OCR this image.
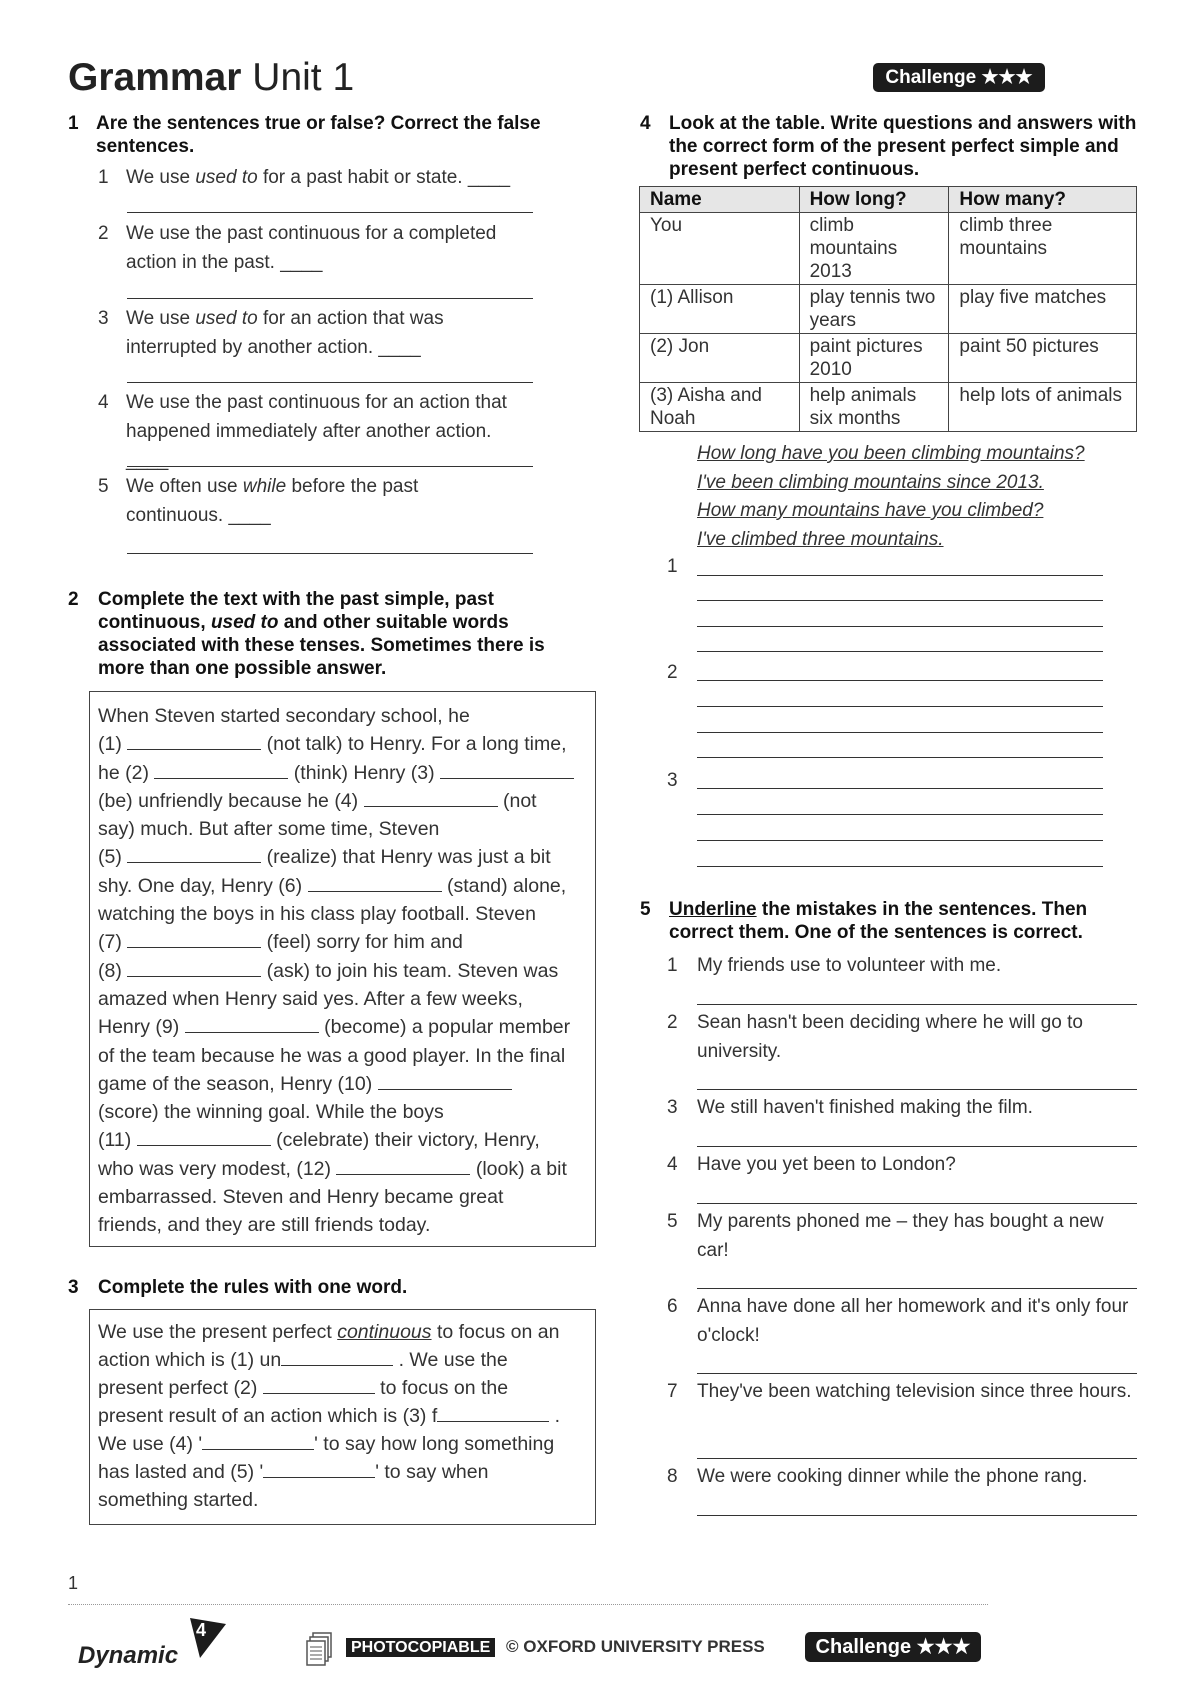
Grammar Unit 1	Challenge ★★★
1 Are the sentences true or false? Correct the false sentences.
1 We use used to for a past habit or state. ____
2 We use the past continuous for a completed action in the past. ____
3 We use used to for an action that was interrupted by another action. ____
4 We use the past continuous for an action that happened immediately after another action. ____
5 We often use while before the past continuous. ____
2 Complete the text with the past simple, past continuous, used to and other suitable words associated with these tenses. Sometimes there is more than one possible answer.
When Steven started secondary school, he
(1)	(not talk) to Henry. For a long time,
he (2)	(think) Henry (3)
(be) unfriendly because he (4)	(not
say) much. But after some time, Steven
(5)	(realize) that Henry was just a bit
shy. One day, Henry (6)	(stand) alone,
watching the boys in his class play football. Steven
(7)	(feel) sorry for him and
(8)	(ask) to join his team. Steven was
amazed when Henry said yes. After a few weeks,
Henry (9)	(become) a popular member
of the team because he was a good player. In the final
game of the season, Henry (10)
(score) the winning goal. While the boys
(11)	(celebrate) their victory, Henry,
who was very modest, (12)	(look) a bit
embarrassed. Steven and Henry became great
friends, and they are still friends today.
3 Complete the rules with one word.
We use the present perfect continuous to focus on an
action which is (1) un	. We use the
present perfect (2)	to focus on the
present result of an action which is (3) f	.
We use (4) '	' to say how long something
has lasted and (5) '	' to say when
something started.
4 Look at the table. Write questions and answers with the correct form of the present perfect simple and present perfect continuous.
Name	How long?	How many?
You	climb mountains 2013	climb three mountains
(1) Allison	play tennis two years	play five matches
(2) Jon	paint pictures 2010	paint 50 pictures
(3) Aisha and Noah	help animals six months	help lots of animals
How long have you been climbing mountains?
I've been climbing mountains since 2013.
How many mountains have you climbed?
I've climbed three mountains.
1
2
3
5 Underline the mistakes in the sentences. Then correct them. One of the sentences is correct.
1 My friends use to volunteer with me.
2 Sean hasn't been deciding where he will go to university.
3 We still haven't finished making the film.
4 Have you yet been to London?
5 My parents phoned me – they has bought a new car!
6 Anna have done all her homework and it's only four o'clock!
7 They've been watching television since three hours.
8 We were cooking dinner while the phone rang.
1
Dynamic
4
PHOTOCOPIABLE © OXFORD UNIVERSITY PRESS	Challenge ★★★
